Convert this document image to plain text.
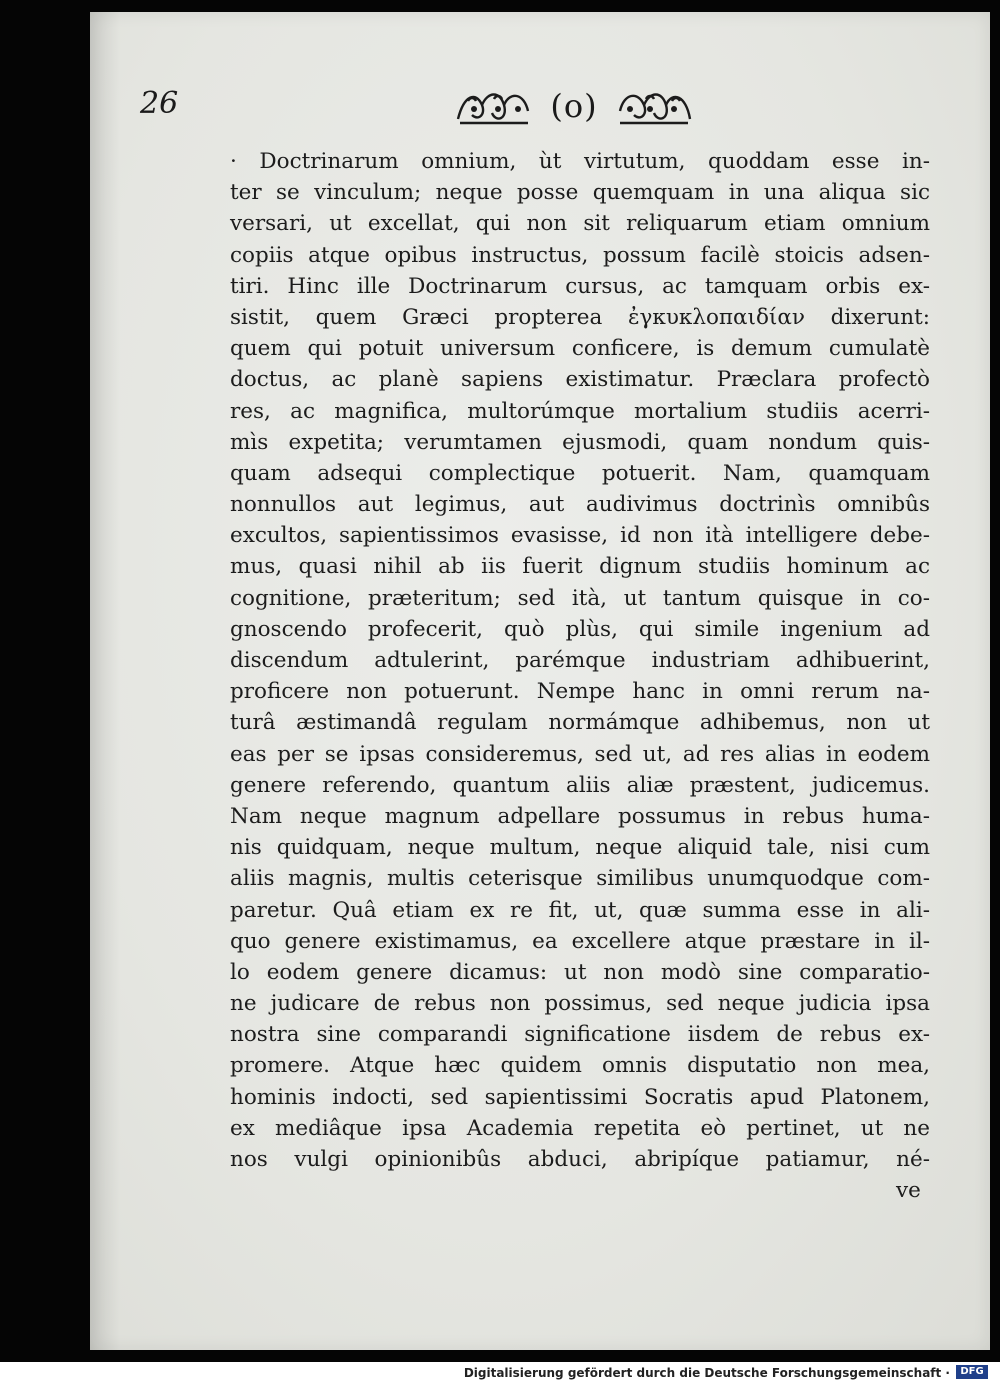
26	(o)
· Doctrinarum omnium, ùt virtutum, quoddam esse in-
ter se vinculum; neque posse quemquam in una aliqua sic
versari, ut excellat, qui non sit reliquarum etiam omnium
copiis atque opibus instructus, possum facilè stoicis adsen-
tiri. Hinc ille Doctrinarum cursus, ac tamquam orbis ex-
sistit, quem Græci propterea ἐγκυκλοπαιδίαν dixerunt:
quem qui potuit universum conficere, is demum cumulatè
doctus, ac planè sapiens existimatur. Præclara profectò
res, ac magnifica, multorúmque mortalium studiis acerri-
mìs expetita; verumtamen ejusmodi, quam nondum quis-
quam adsequi complectique potuerit. Nam, quamquam
nonnullos aut legimus, aut audivimus doctrinìs omnibûs
excultos, sapientissimos evasisse, id non ità intelligere debe-
mus, quasi nihil ab iis fuerit dignum studiis hominum ac
cognitione, præteritum; sed ità, ut tantum quisque in co-
gnoscendo profecerit, quò plùs, qui simile ingenium ad
discendum adtulerint, parémque industriam adhibuerint,
proficere non potuerunt. Nempe hanc in omni rerum na-
turâ æstimandâ regulam normámque adhibemus, non ut
eas per se ipsas consideremus, sed ut, ad res alias in eodem
genere referendo, quantum aliis aliæ præstent, judicemus.
Nam neque magnum adpellare possumus in rebus huma-
nis quidquam, neque multum, neque aliquid tale, nisi cum
aliis magnis, multis ceterisque similibus unumquodque com-
paretur. Quâ etiam ex re fit, ut, quæ summa esse in ali-
quo genere existimamus, ea excellere atque præstare in il-
lo eodem genere dicamus: ut non modò sine comparatio-
ne judicare de rebus non possimus, sed neque judicia ipsa
nostra sine comparandi significatione iisdem de rebus ex-
promere. Atque hæc quidem omnis disputatio non mea,
hominis indocti, sed sapientissimi Socratis apud Platonem,
ex mediâque ipsa Academia repetita eò pertinet, ut ne
nos vulgi opinionibûs abduci, abripíque patiamur, né-
ve
Digitalisierung gefördert durch die Deutsche Forschungsgemeinschaft ·	DFG
